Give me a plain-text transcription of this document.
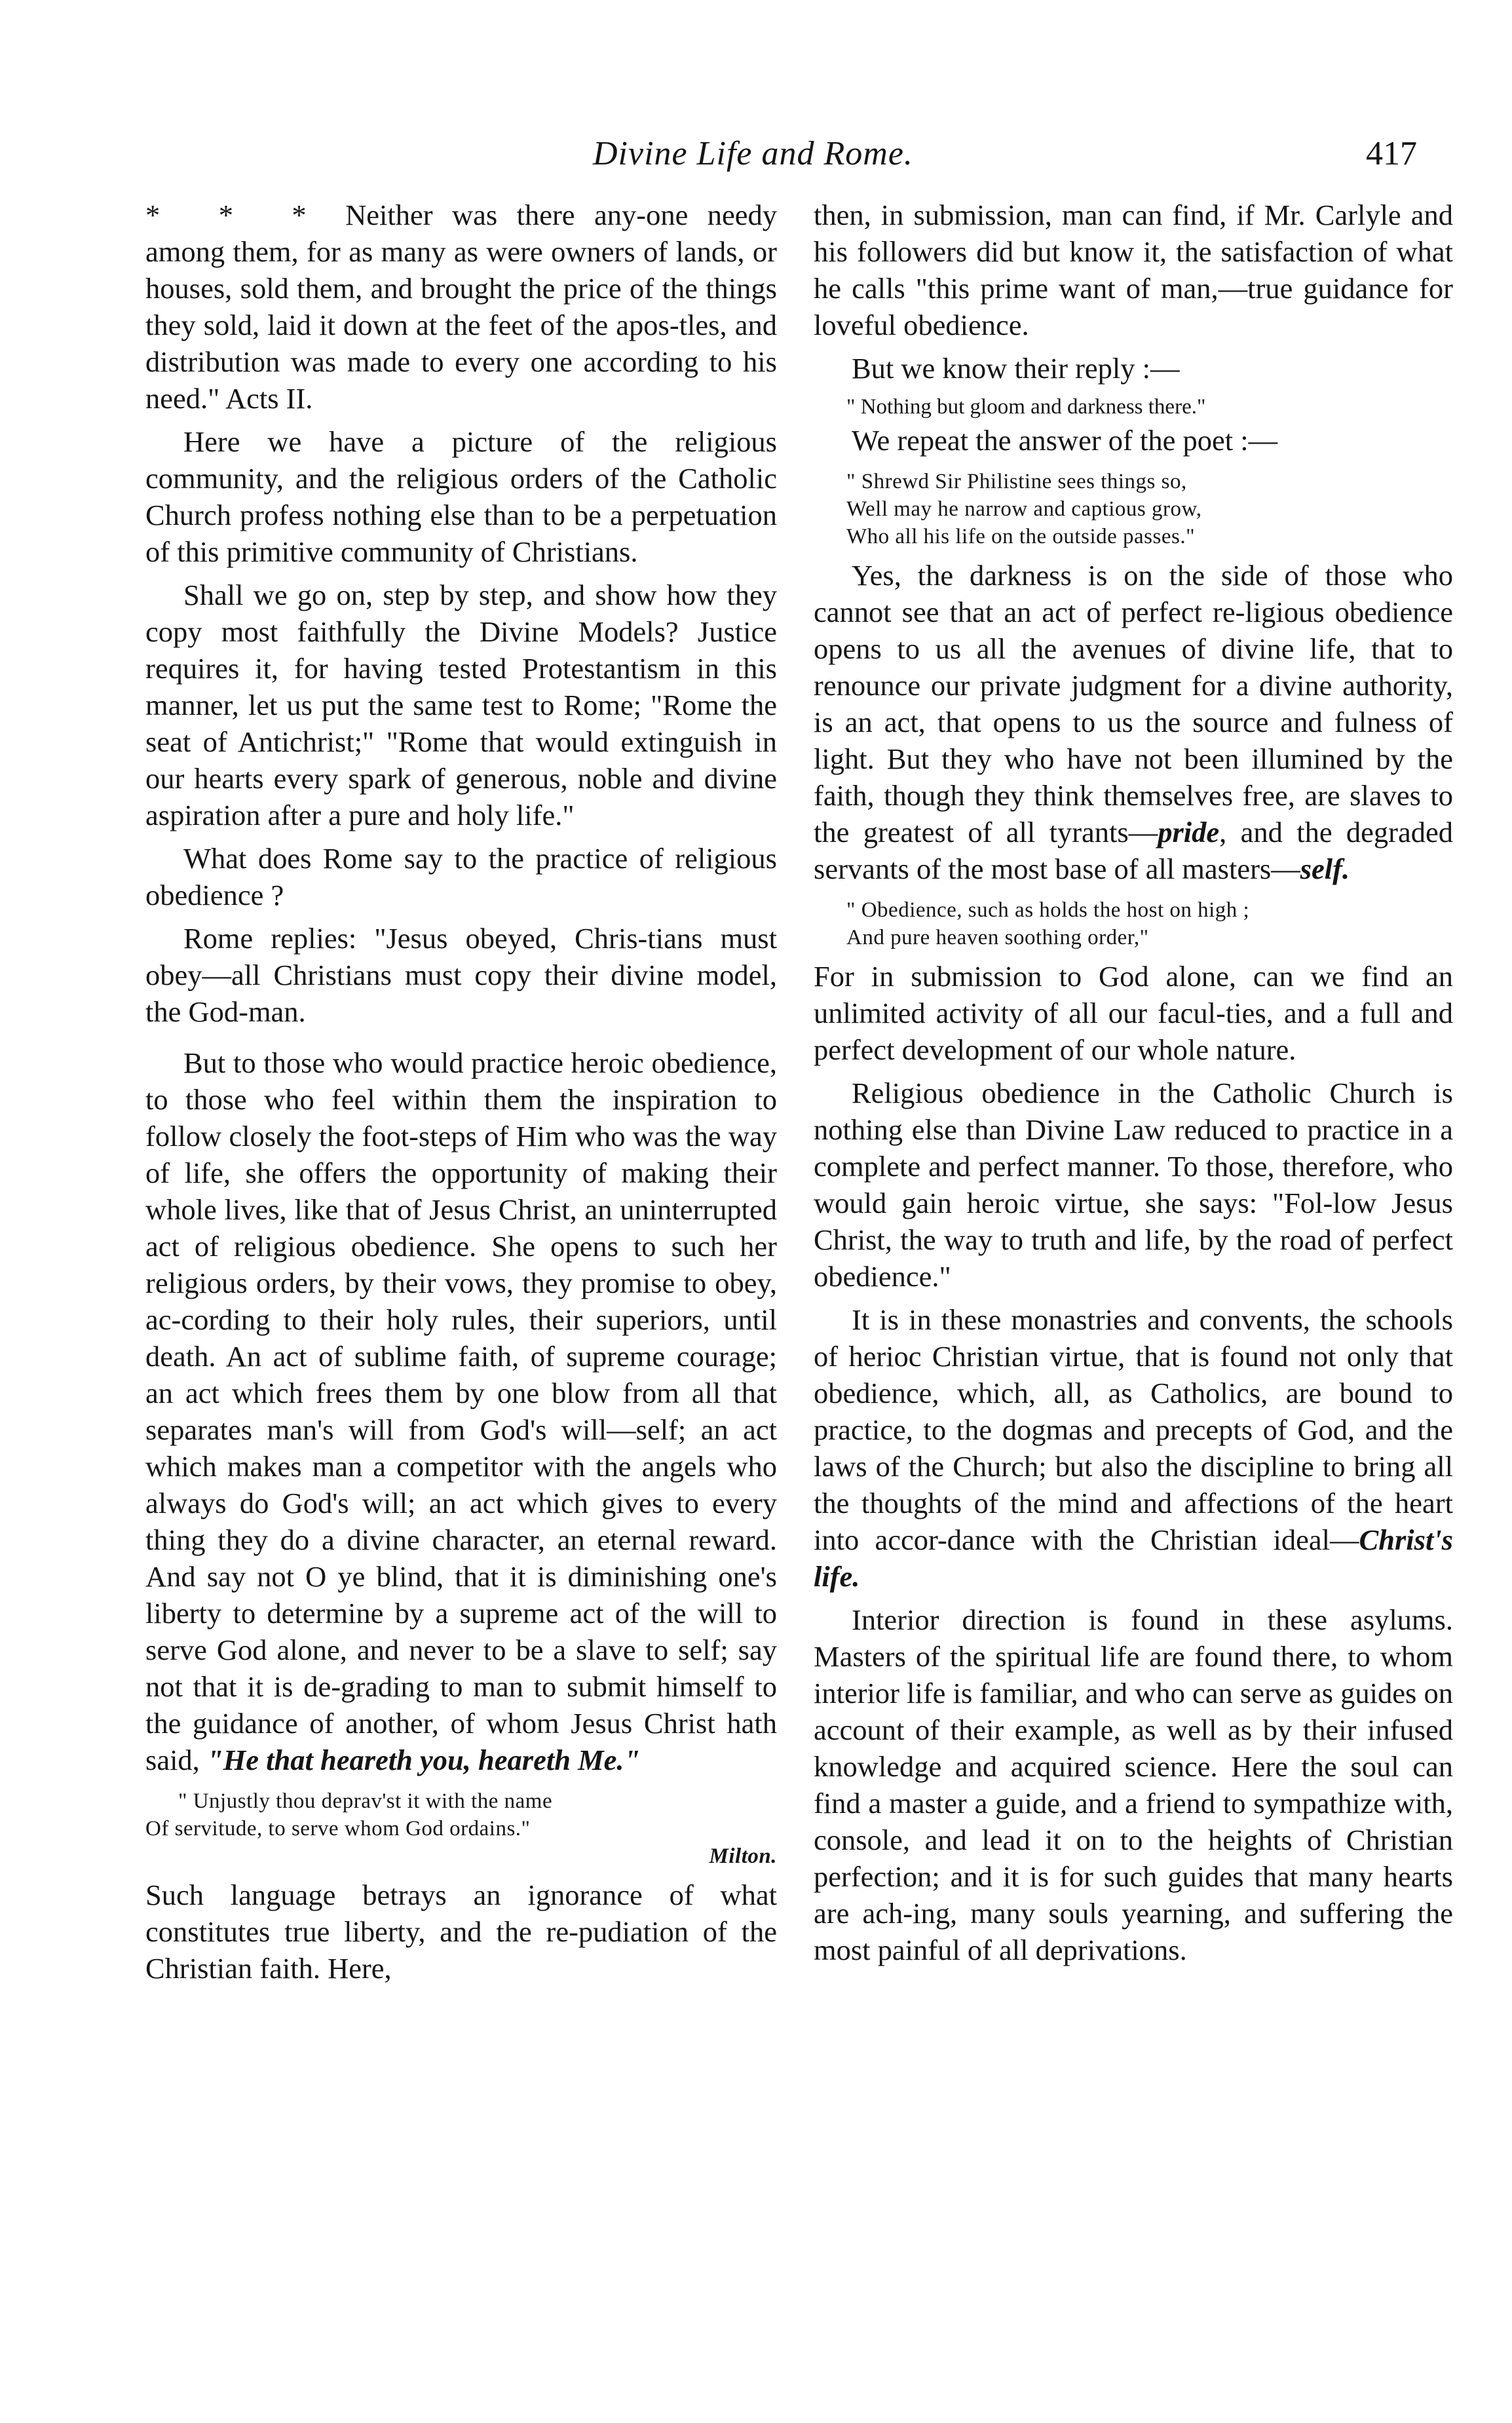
Divine Life and Rome.	417

* * * Neither was there any-one needy among them, for as many as were owners of lands, or houses, sold them, and brought the price of the things they sold, laid it down at the feet of the apos-tles, and distribution was made to every one according to his need." Acts II.

Here we have a picture of the religious community, and the religious orders of the Catholic Church profess nothing else than to be a perpetuation of this primitive community of Christians.

Shall we go on, step by step, and show how they copy most faithfully the Divine Models? Justice requires it, for having tested Protestantism in this manner, let us put the same test to Rome; "Rome the seat of Antichrist;" "Rome that would extinguish in our hearts every spark of generous, noble and divine aspiration after a pure and holy life."

What does Rome say to the practice of religious obedience ?

Rome replies: "Jesus obeyed, Chris-tians must obey—all Christians must copy their divine model, the God-man.

But to those who would practice heroic obedience, to those who feel within them the inspiration to follow closely the foot-steps of Him who was the way of life, she offers the opportunity of making their whole lives, like that of Jesus Christ, an uninterrupted act of religious obedience. She opens to such her religious orders, by their vows, they promise to obey, ac-cording to their holy rules, their superiors, until death. An act of sublime faith, of supreme courage; an act which frees them by one blow from all that separates man's will from God's will—self; an act which makes man a competitor with the angels who always do God's will; an act which gives to every thing they do a divine character, an eternal reward. And say not O ye blind, that it is diminishing one's liberty to determine by a supreme act of the will to serve God alone, and never to be a slave to self; say not that it is de-grading to man to submit himself to the guidance of another, of whom Jesus Christ hath said, "He that heareth you, heareth Me."

" Unjustly thou deprav'st it with the name
Of servitude, to serve whom God ordains."
Milton.

Such language betrays an ignorance of what constitutes true liberty, and the re-pudiation of the Christian faith. Here,

then, in submission, man can find, if Mr. Carlyle and his followers did but know it, the satisfaction of what he calls "this prime want of man,—true guidance for loveful obedience.

But we know their reply :—

" Nothing but gloom and darkness there."

We repeat the answer of the poet :—

" Shrewd Sir Philistine sees things so,
Well may he narrow and captious grow,
Who all his life on the outside passes."

Yes, the darkness is on the side of those who cannot see that an act of perfect re-ligious obedience opens to us all the avenues of divine life, that to renounce our private judgment for a divine authority, is an act, that opens to us the source and fulness of light. But they who have not been illumined by the faith, though they think themselves free, are slaves to the greatest of all tyrants—pride, and the degraded servants of the most base of all masters—self.

" Obedience, such as holds the host on high ;
And pure heaven soothing order,"

For in submission to God alone, can we find an unlimited activity of all our facul-ties, and a full and perfect development of our whole nature.

Religious obedience in the Catholic Church is nothing else than Divine Law reduced to practice in a complete and perfect manner. To those, therefore, who would gain heroic virtue, she says: "Fol-low Jesus Christ, the way to truth and life, by the road of perfect obedience."

It is in these monastries and convents, the schools of herioc Christian virtue, that is found not only that obedience, which, all, as Catholics, are bound to practice, to the dogmas and precepts of God, and the laws of the Church; but also the discipline to bring all the thoughts of the mind and affections of the heart into accor-dance with the Christian ideal—Christ's life.

Interior direction is found in these asylums. Masters of the spiritual life are found there, to whom interior life is familiar, and who can serve as guides on account of their example, as well as by their infused knowledge and acquired science. Here the soul can find a master a guide, and a friend to sympathize with, console, and lead it on to the heights of Christian perfection; and it is for such guides that many hearts are ach-ing, many souls yearning, and suffering the most painful of all deprivations.
